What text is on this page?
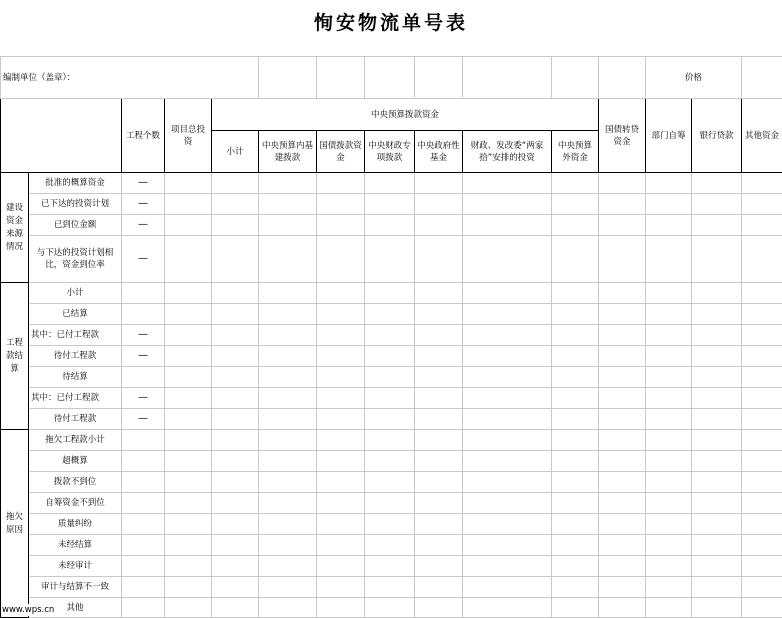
恂安物流单号表
编制单位（盖章）：												价格		
		工程个数	项目总投资	中央预算拨款资金							国债转贷资金	部门自筹	银行贷款	其他资金
				小计	中央预算内基建拨款	国债拨款资金	中央财政专项拨款	中央政府性基金	财政、发改委“两家拾”安排的投资	中央预算外资金				
建设资金来源情况	批准的概算资金	—												
	已下达的投资计划	—												
	已到位金额	—												
	与下达的投资计划相比，资金到位率	—												
工程款结算	小计													
	已结算													
	其中：已付工程款	—												
	待付工程款	—												
	待结算													
	其中：已付工程款	—												
	待付工程款	—												
拖欠原因	拖欠工程款小计													
	超概算													
	拨款不到位													
	自筹资金不到位													
	质量纠纷													
	未经结算													
	未经审计													
	审计与结算不一致													
	其他													
www.wps.cn
